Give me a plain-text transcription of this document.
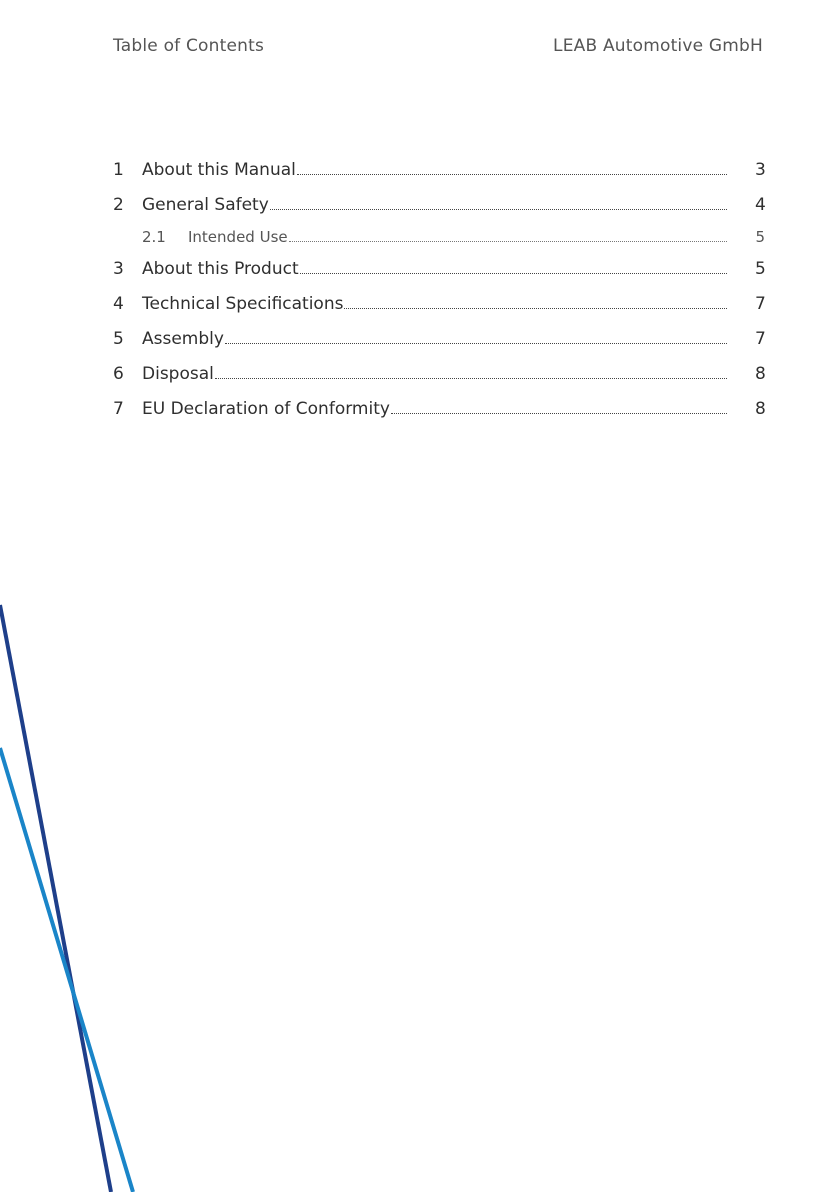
Table of Contents	LEAB Automotive GmbH
1	About this Manual	3
2	General Safety	4
2.1	Intended Use	5
3	About this Product	5
4	Technical Specifications	7
5	Assembly	7
6	Disposal	8
7	EU Declaration of Conformity	8
